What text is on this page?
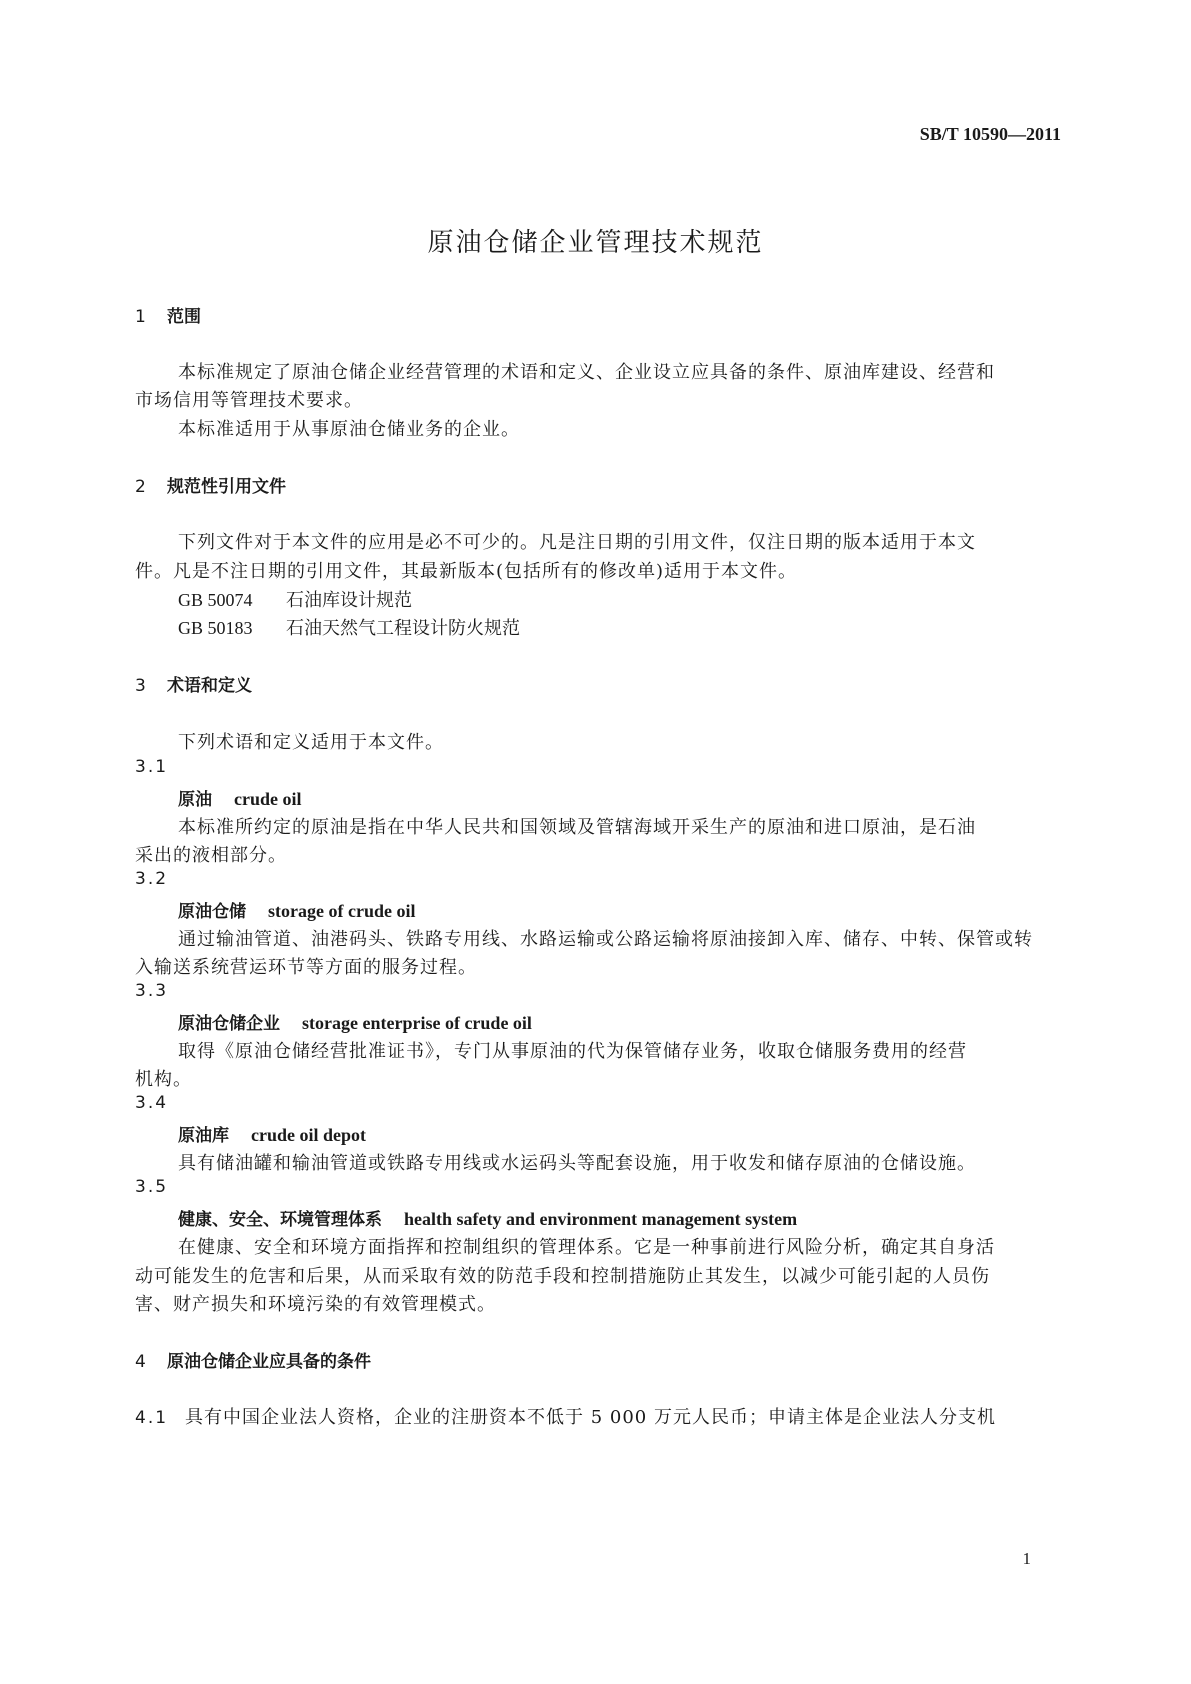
SB/T 10590—2011
原油仓储企业管理技术规范
1 范围
本标准规定了原油仓储企业经营管理的术语和定义、企业设立应具备的条件、原油库建设、经营和
市场信用等管理技术要求。
本标准适用于从事原油仓储业务的企业。
2 规范性引用文件
下列文件对于本文件的应用是必不可少的。凡是注日期的引用文件，仅注日期的版本适用于本文
件。凡是不注日期的引用文件，其最新版本(包括所有的修改单)适用于本文件。
GB 50074 石油库设计规范
GB 50183 石油天然气工程设计防火规范
3 术语和定义
下列术语和定义适用于本文件。
3.1
原油 crude oil
本标准所约定的原油是指在中华人民共和国领域及管辖海域开采生产的原油和进口原油，是石油
采出的液相部分。
3.2
原油仓储 storage of crude oil
通过输油管道、油港码头、铁路专用线、水路运输或公路运输将原油接卸入库、储存、中转、保管或转
入输送系统营运环节等方面的服务过程。
3.3
原油仓储企业 storage enterprise of crude oil
取得《原油仓储经营批准证书》，专门从事原油的代为保管储存业务，收取仓储服务费用的经营
机构。
3.4
原油库 crude oil depot
具有储油罐和输油管道或铁路专用线或水运码头等配套设施，用于收发和储存原油的仓储设施。
3.5
健康、安全、环境管理体系 health safety and environment management system
在健康、安全和环境方面指挥和控制组织的管理体系。它是一种事前进行风险分析，确定其自身活
动可能发生的危害和后果，从而采取有效的防范手段和控制措施防止其发生，以减少可能引起的人员伤
害、财产损失和环境污染的有效管理模式。
4 原油仓储企业应具备的条件
4.1 具有中国企业法人资格，企业的注册资本不低于 5 000 万元人民币；申请主体是企业法人分支机
1
